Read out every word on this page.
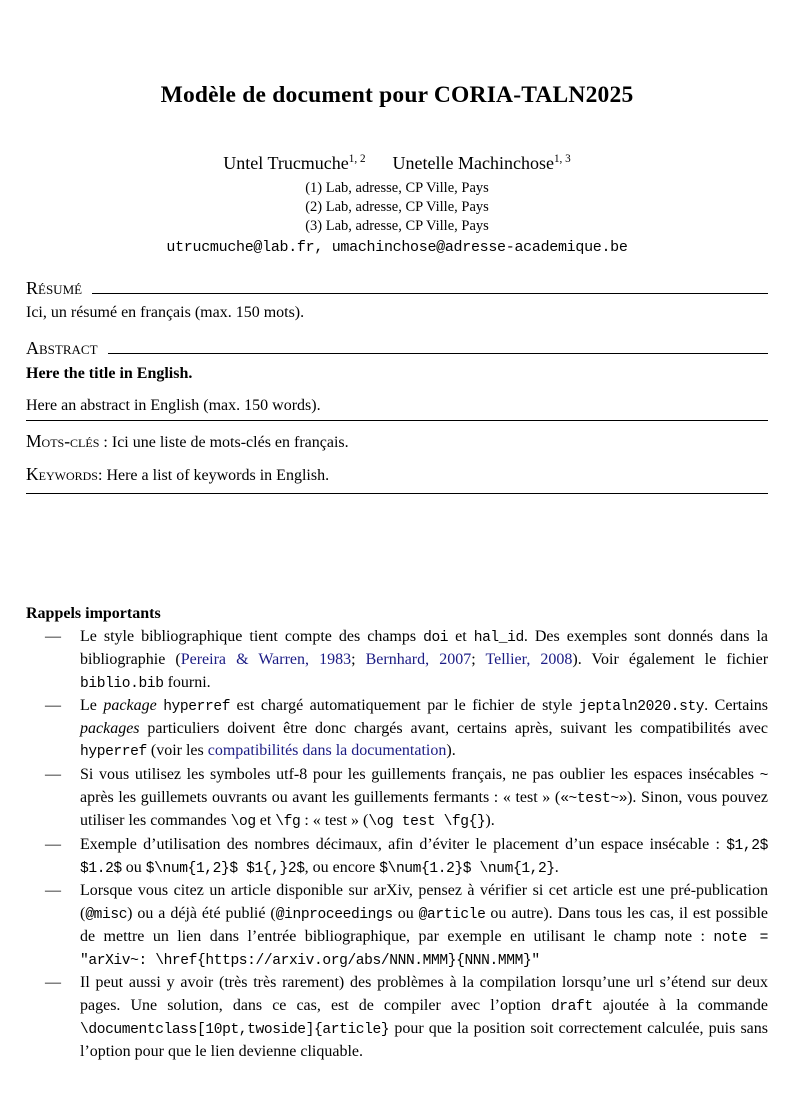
Modèle de document pour CORIA-TALN2025
Untel Trucmuche$^{1, 2}$ Unetelle Machinchose$^{1, 3}$
(1) Lab, adresse, CP Ville, Pays
(2) Lab, adresse, CP Ville, Pays
(3) Lab, adresse, CP Ville, Pays
utrucmuche@lab.fr, umachinchose@adresse-academique.be
Résumé
Ici, un résumé en français (max. 150 mots).
Abstract
Here the title in English.
Here an abstract in English (max. 150 words).
Mots-clés : Ici une liste de mots-clés en français.
Keywords: Here a list of keywords in English.
Rappels importants
— Le style bibliographique tient compte des champs doi et hal_id. Des exemples sont donnés dans la bibliographie (Pereira & Warren, 1983; Bernhard, 2007; Tellier, 2008). Voir également le fichier biblio.bib fourni.
— Le package hyperref est chargé automatiquement par le fichier de style jeptaln2020.sty. Certains packages particuliers doivent être donc chargés avant, certains après, suivant les compatibilités avec hyperref (voir les compatibilités dans la documentation).
— Si vous utilisez les symboles utf-8 pour les guillements français, ne pas oublier les espaces insécables ~ après les guillemets ouvrants ou avant les guillements fermants : « test » («~test~»). Sinon, vous pouvez utiliser les commandes \og et \fg : « test » (\og test \fg{}).
— Exemple d’utilisation des nombres décimaux, afin d’éviter le placement d’un espace insécable : $1,2$ $1.2$ ou $\num{1,2}$ $1{,}2$, ou encore $\num{1.2}$ \num{1,2}.
— Lorsque vous citez un article disponible sur arXiv, pensez à vérifier si cet article est une pré-publication (@misc) ou a déjà été publié (@inproceedings ou @article ou autre). Dans tous les cas, il est possible de mettre un lien dans l’entrée bibliographique, par exemple en utilisant le champ note : note = "arXiv~: \href{https://arxiv.org/abs/NNN.MMM}{NNN.MMM}"
— Il peut aussi y avoir (très très rarement) des problèmes à la compilation lorsqu’une url s’étend sur deux pages. Une solution, dans ce cas, est de compiler avec l’option draft ajoutée à la commande \documentclass[10pt,twoside]{article} pour que la position soit correctement calculée, puis sans l’option pour que le lien devienne cliquable.
